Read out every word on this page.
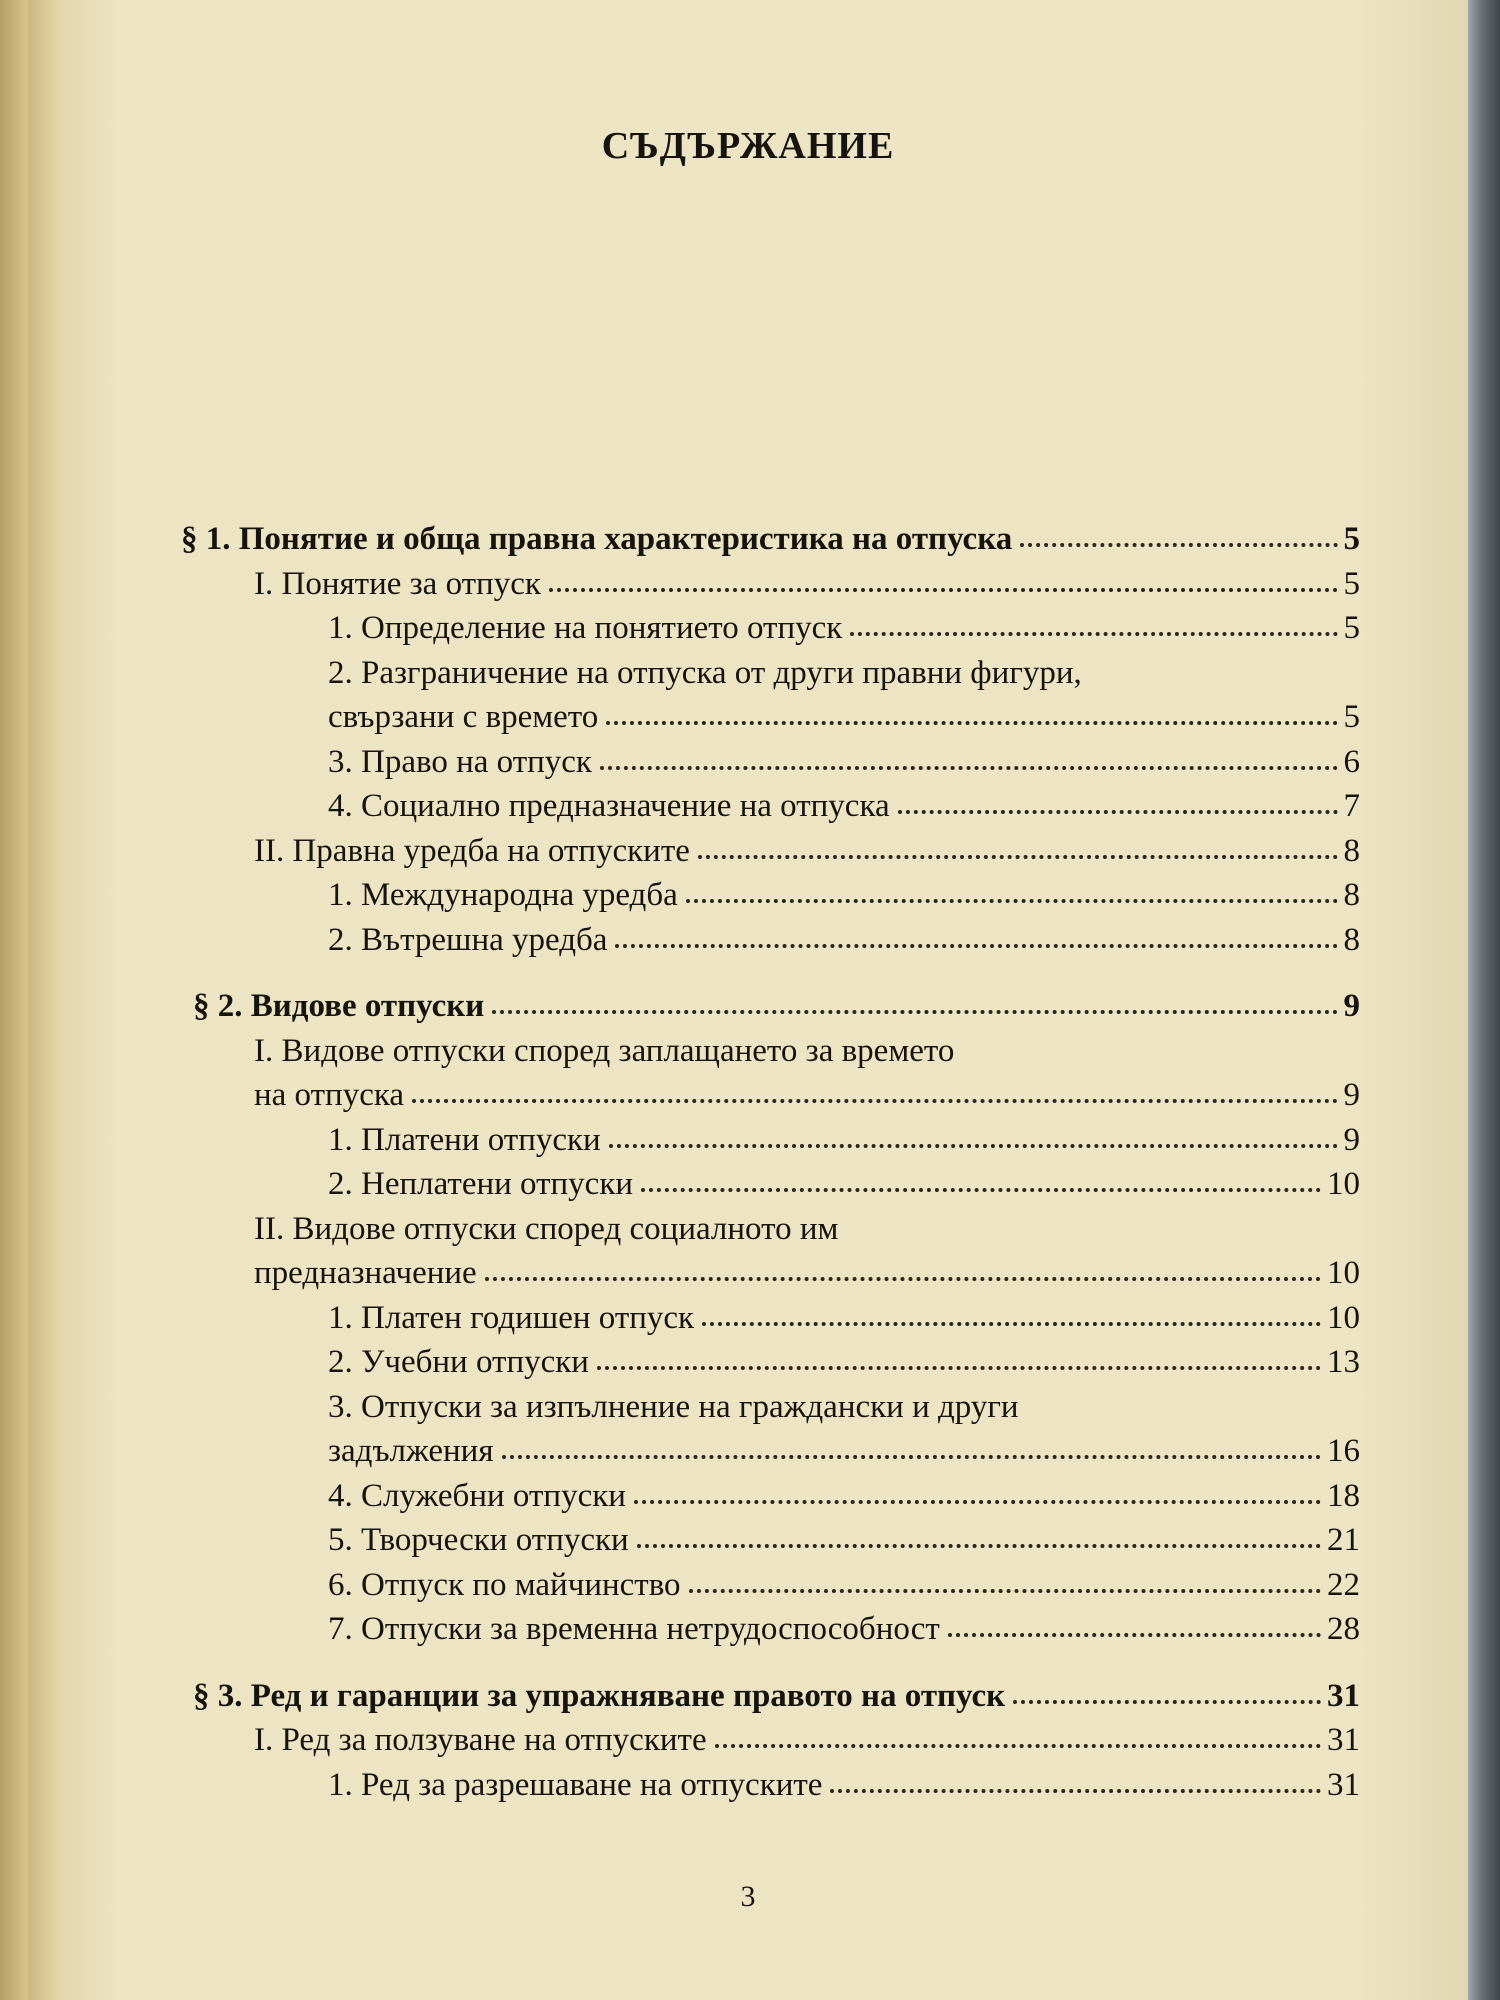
СЪДЪРЖАНИЕ
§ 1. Понятие и обща правна характеристика на отпуска	5
I. Понятие за отпуск	5
1. Определение на понятието отпуск	5
2. Разграничение на отпуска от други правни фигури,
свързани с времето	5
3. Право на отпуск	6
4. Социално предназначение на отпуска	7
II. Правна уредба на отпуските	8
1. Международна уредба	8
2. Вътрешна уредба	8
§ 2. Видове отпуски	9
I. Видове отпуски според заплащането за времето
на отпуска	9
1. Платени отпуски	9
2. Неплатени отпуски	10
II. Видове отпуски според социалното им
предназначение	10
1. Платен годишен отпуск	10
2. Учебни отпуски	13
3. Отпуски за изпълнение на граждански и други
задължения	16
4. Служебни отпуски	18
5. Творчески отпуски	21
6. Отпуск по майчинство	22
7. Отпуски за временна нетрудоспособност	28
§ 3. Ред и гаранции за упражняване правото на отпуск	31
I. Ред за ползуване на отпуските	31
1. Ред за разрешаване на отпуските	31
3
